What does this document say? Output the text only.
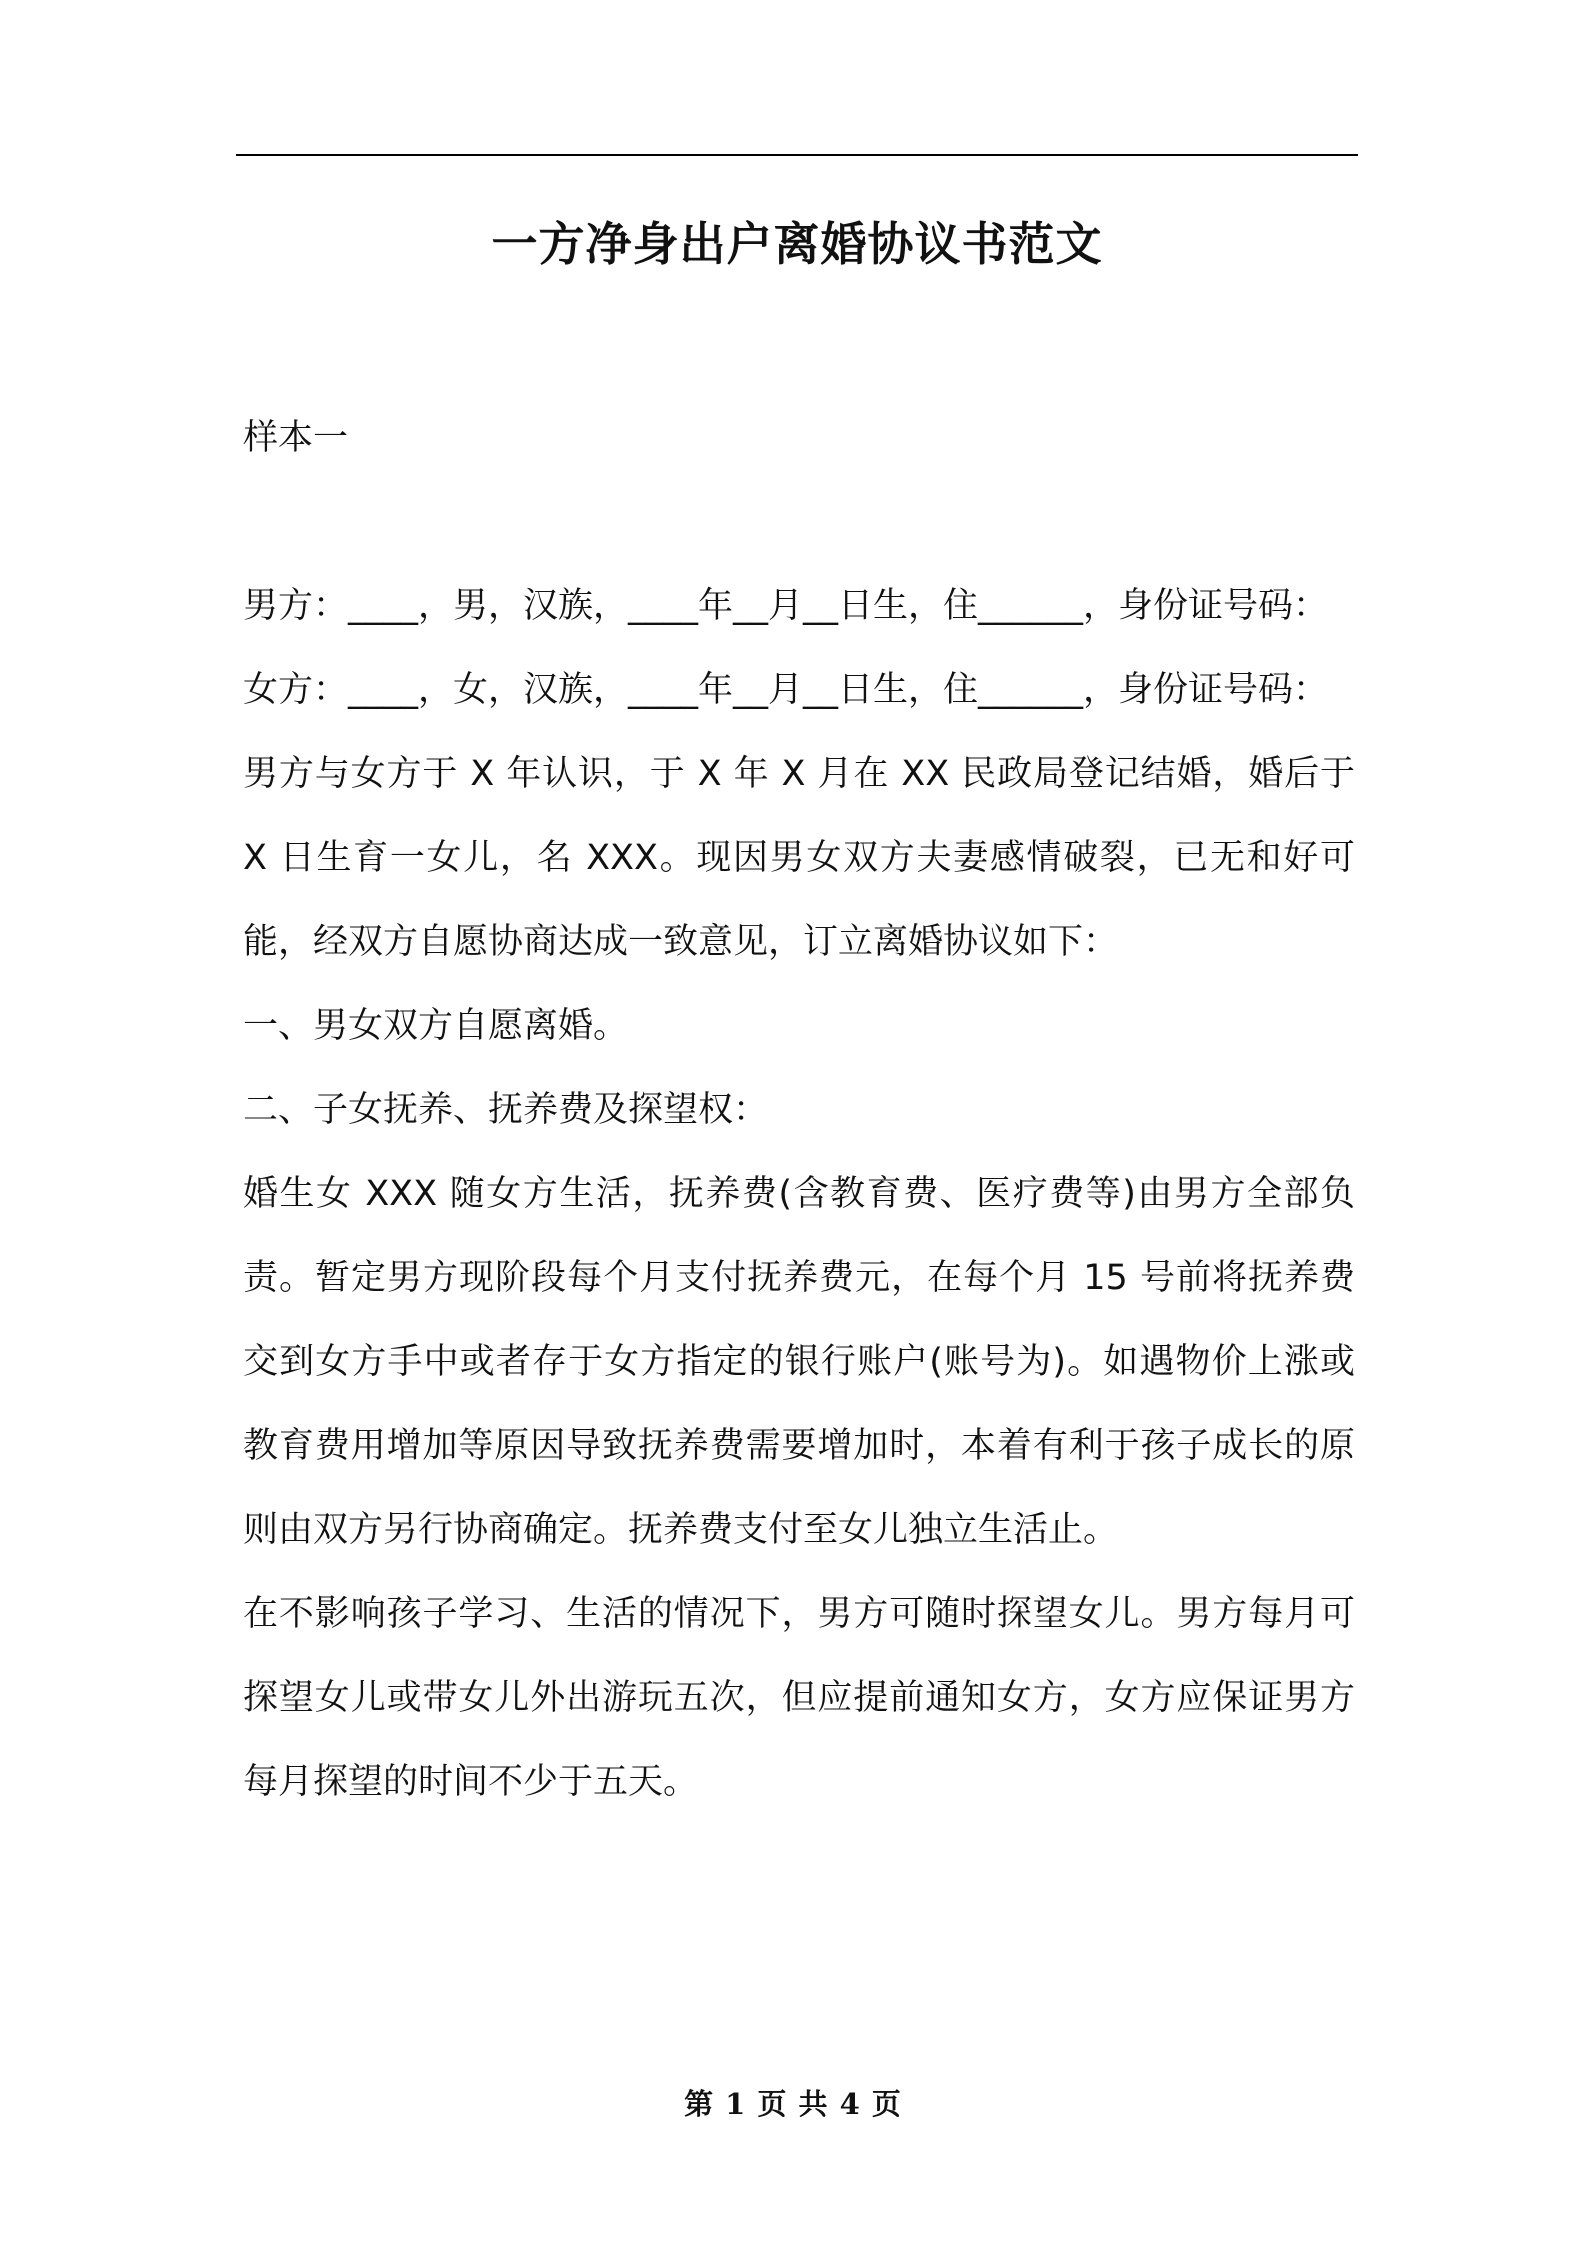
一方净身出户离婚协议书范文
样本一

男方：____，男，汉族，____年__月__日生，住______，身份证号码：

女方：____，女，汉族，____年__月__日生，住______，身份证号码：

男方与女方于 X 年认识，于 X 年 X 月在 XX 民政局登记结婚，婚后于 X 日生育一女儿，名 XXX。现因男女双方夫妻感情破裂，已无和好可能，经双方自愿协商达成一致意见，订立离婚协议如下：

一、男女双方自愿离婚。

二、子女抚养、抚养费及探望权：

婚生女 XXX 随女方生活，抚养费(含教育费、医疗费等)由男方全部负责。暂定男方现阶段每个月支付抚养费元，在每个月 15 号前将抚养费交到女方手中或者存于女方指定的银行账户(账号为)。如遇物价上涨或教育费用增加等原因导致抚养费需要增加时，本着有利于孩子成长的原则由双方另行协商确定。抚养费支付至女儿独立生活止。

在不影响孩子学习、生活的情况下，男方可随时探望女儿。男方每月可探望女儿或带女儿外出游玩五次，但应提前通知女方，女方应保证男方每月探望的时间不少于五天。

第 1 页 共 4 页
